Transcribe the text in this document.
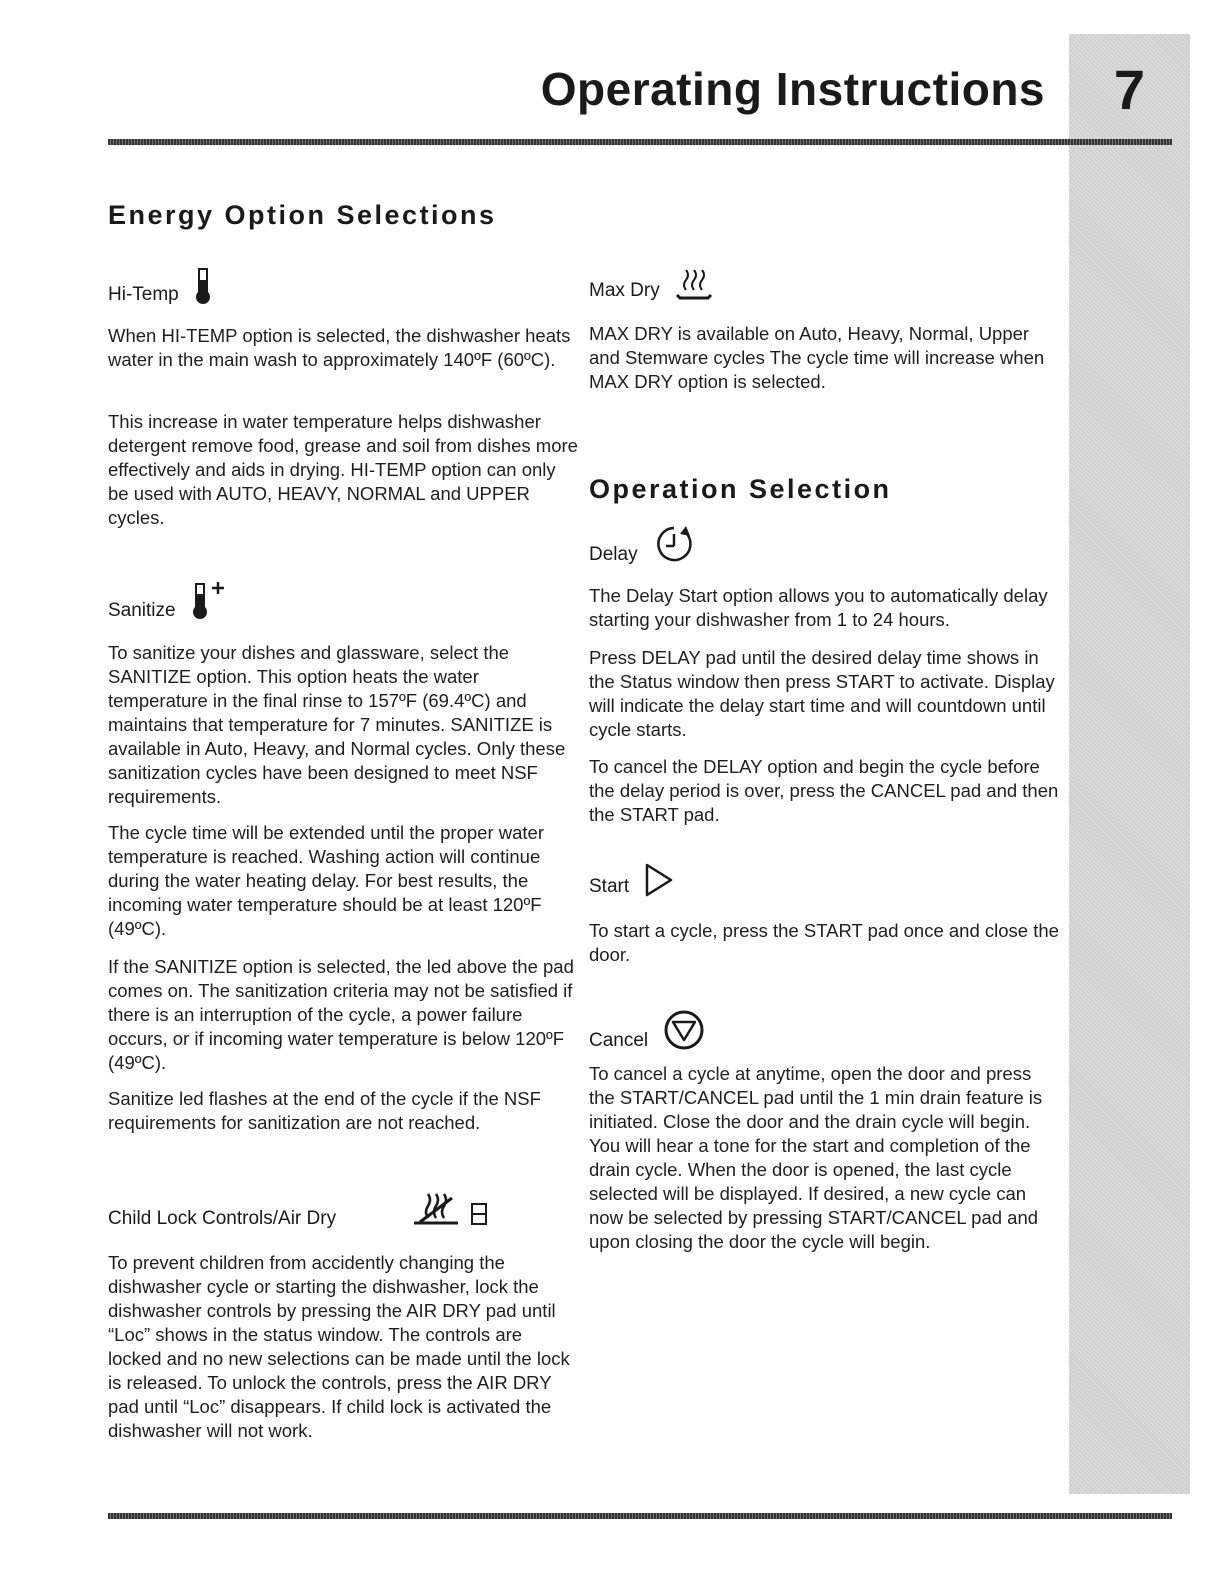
7
Operating Instructions
Energy Option Selections
Hi-Temp

When HI-TEMP option is selected, the dishwasher heats water in the main wash to approximately 140ºF (60ºC).

This increase in water temperature helps dishwasher detergent remove food, grease and soil from dishes more effectively and aids in drying. HI-TEMP option can only be used with AUTO, HEAVY, NORMAL and UPPER cycles.

Sanitize

To sanitize your dishes and glassware, select the SANITIZE option. This option heats the water temperature in the final rinse to 157ºF (69.4ºC) and maintains that temperature for 7 minutes. SANITIZE is available in Auto, Heavy, and Normal cycles. Only these sanitization cycles have been designed to meet NSF requirements.

The cycle time will be extended until the proper water temperature is reached. Washing action will continue during the water heating delay. For best results, the incoming water temperature should be at least 120ºF (49ºC).

If the SANITIZE option is selected, the led above the pad comes on. The sanitization criteria may not be satisfied if there is an interruption of the cycle, a power failure occurs, or if incoming water temperature is below 120ºF (49ºC).

Sanitize led flashes at the end of the cycle if the NSF requirements for sanitization are not reached.

Child Lock Controls/Air Dry

To prevent children from accidently changing the dishwasher cycle or starting the dishwasher, lock the dishwasher controls by pressing the AIR DRY pad until “Loc” shows in the status window. The controls are locked and no new selections can be made until the lock is released. To unlock the controls, press the AIR DRY pad until “Loc” disappears. If child lock is activated the dishwasher will not work.

Max Dry

MAX DRY is available on Auto, Heavy, Normal, Upper and Stemware cycles The cycle time will increase when MAX DRY option is selected.

Operation Selection
Delay

The Delay Start option allows you to automatically delay starting your dishwasher from 1 to 24 hours.

Press DELAY pad until the desired delay time shows in the Status window then press START to activate. Display will indicate the delay start time and will countdown until cycle starts.

To cancel the DELAY option and begin the cycle before the delay period is over, press the CANCEL pad and then the START pad.

Start

To start a cycle, press the START pad once and close the door.

Cancel

To cancel a cycle at anytime, open the door and press the START/CANCEL pad until the 1 min drain feature is initiated. Close the door and the drain cycle will begin. You will hear a tone for the start and completion of the drain cycle. When the door is opened, the last cycle selected will be displayed. If desired, a new cycle can now be selected by pressing START/CANCEL pad and upon closing the door the cycle will begin.
